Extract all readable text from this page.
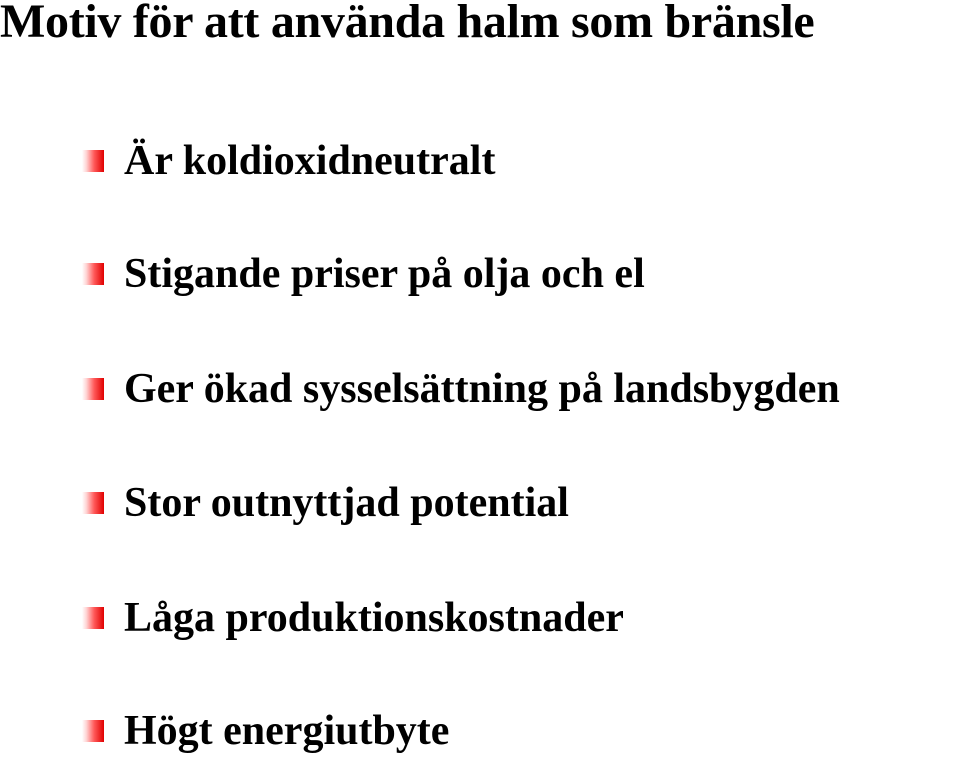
Motiv för att använda halm som bränsle
Är koldioxidneutralt
Stigande priser på olja och el
Ger ökad sysselsättning på landsbygden
Stor outnyttjad potential
Låga produktionskostnader
Högt energiutbyte
